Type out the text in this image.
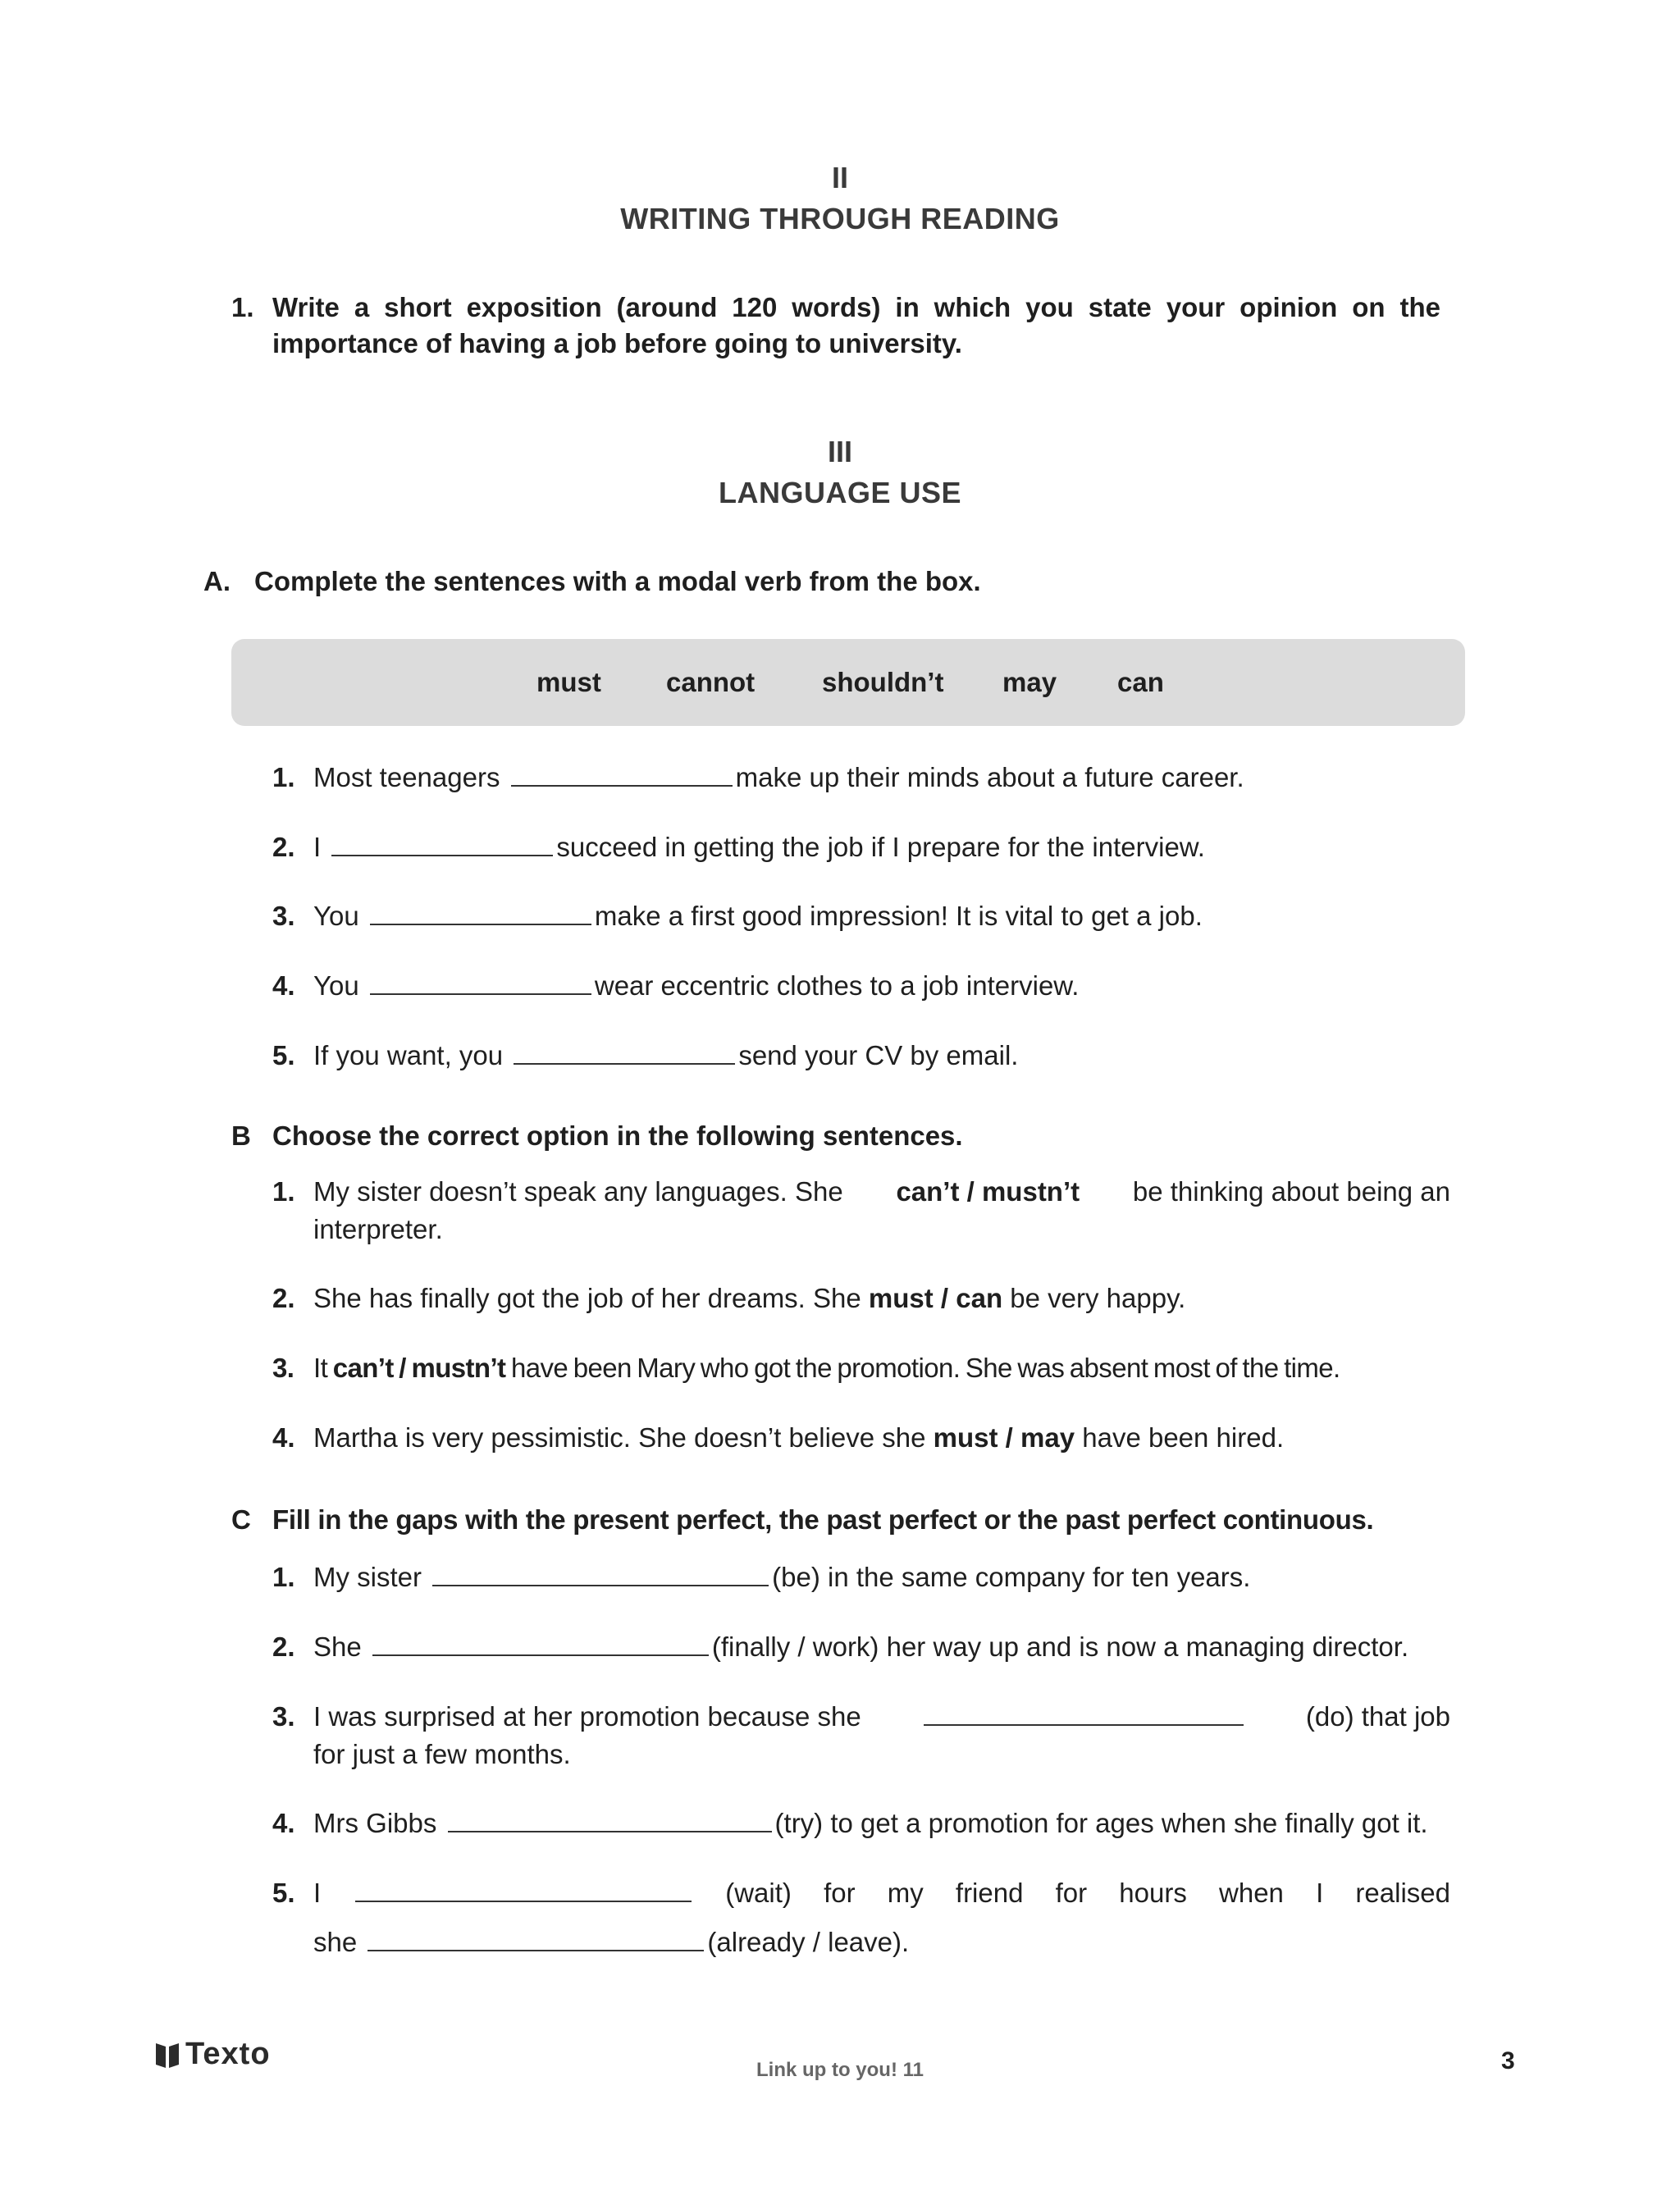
II
WRITING THROUGH READING
1. Write a short exposition (around 120 words) in which you state your opinion on the
importance of having a job before going to university.
III
LANGUAGE USE
A. Complete the sentences with a modal verb from the box.
must cannot shouldn’t may can
1. Most teenagers	make up their minds about a future career.
2. I	succeed in getting the job if I prepare for the interview.
3. You	make a first good impression! It is vital to get a job.
4. You	wear eccentric clothes to a job interview.
5. If you want, you	send your CV by email.
B Choose the correct option in the following sentences.
1. My sister doesn’t speak any languages. She can’t / mustn’t be thinking about being an
interpreter.
2. She has finally got the job of her dreams. She must / can be very happy.
3. It can’t / mustn’t have been Mary who got the promotion. She was absent most of the time.
4. Martha is very pessimistic. She doesn’t believe she must / may have been hired.
C Fill in the gaps with the present perfect, the past perfect or the past perfect continuous.
1. My sister	(be) in the same company for ten years.
2. She	(finally / work) her way up and is now a managing director.
3. I was surprised at her promotion because she	(do) that job
for just a few months.
4. Mrs Gibbs	(try) to get a promotion for ages when she finally got it.
5. I	(wait) for my friend for hours when I realised
she	(already / leave).
Texto	Link up to you! 11	3
